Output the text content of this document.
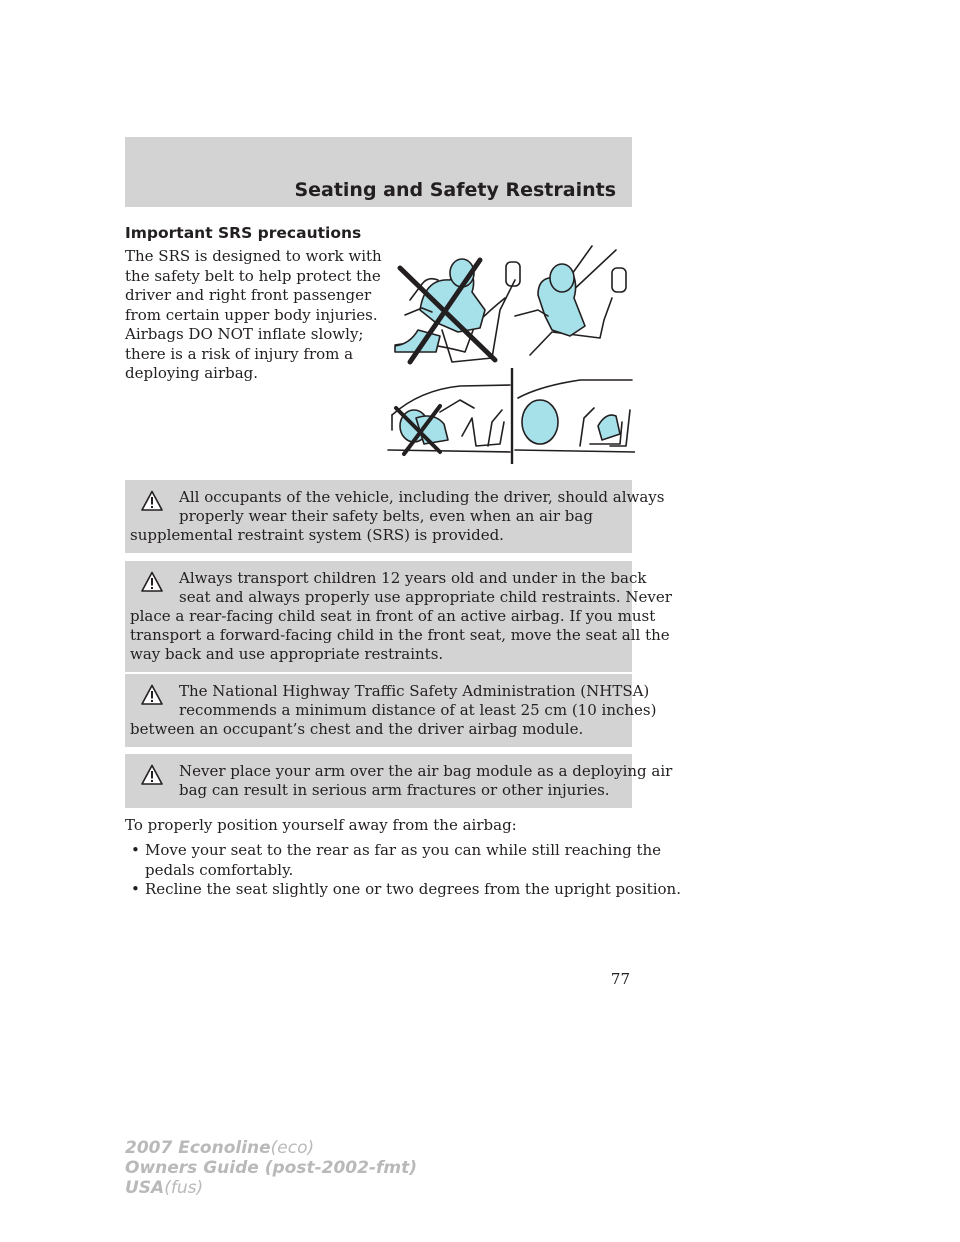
Seating and Safety Restraints
Important SRS precautions
The SRS is designed to work with
the safety belt to help protect the
driver and right front passenger
from certain upper body injuries.
Airbags DO NOT inflate slowly;
there is a risk of injury from a
deploying airbag.
All occupants of the vehicle, including the driver, should always
properly wear their safety belts, even when an air bag
supplemental restraint system (SRS) is provided.
Always transport children 12 years old and under in the back
seat and always properly use appropriate child restraints. Never
place a rear-facing child seat in front of an active airbag. If you must
transport a forward-facing child in the front seat, move the seat all the
way back and use appropriate restraints.
The National Highway Traffic Safety Administration (NHTSA)
recommends a minimum distance of at least 25 cm (10 inches)
between an occupant’s chest and the driver airbag module.
Never place your arm over the air bag module as a deploying air
bag can result in serious arm fractures or other injuries.
To properly position yourself away from the airbag:
• Move your seat to the rear as far as you can while still reaching the
pedals comfortably.
• Recline the seat slightly one or two degrees from the upright position.
77
2007 Econoline(eco)
Owners Guide (post-2002-fmt)
USA(fus)
